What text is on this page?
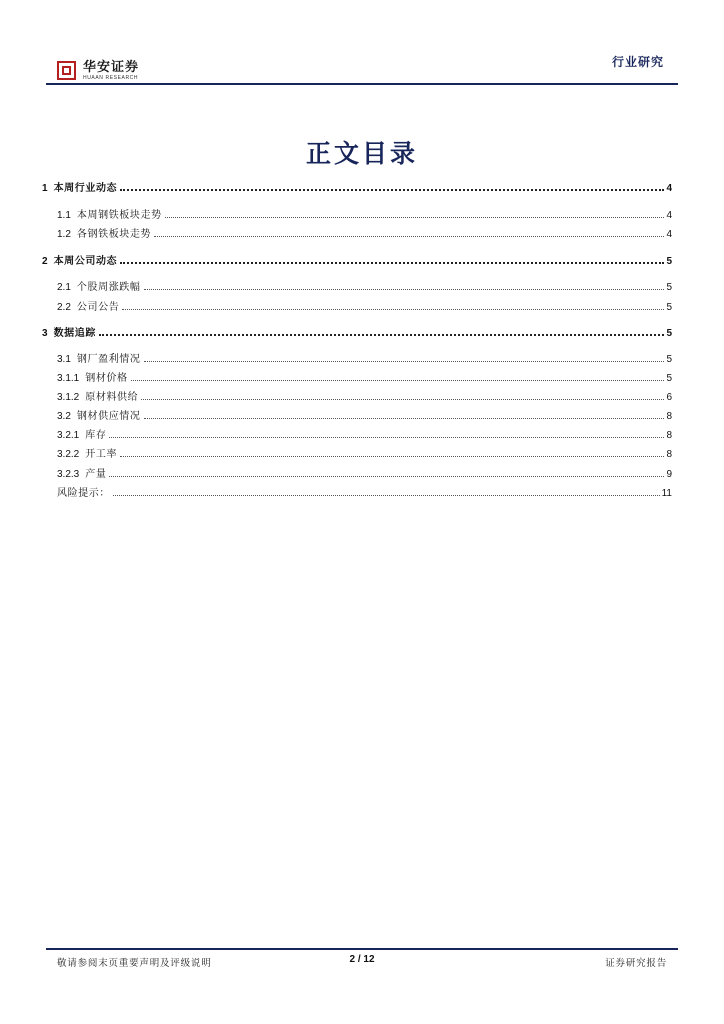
华安证券
HUAAN RESEARCH
行业研究
正文目录
1 本周行业动态	4
1.1 本周钢铁板块走势	4
1.2 各钢铁板块走势	4
2 本周公司动态	5
2.1 个股周涨跌幅	5
2.2 公司公告	5
3 数据追踪	5
3.1 钢厂盈利情况	5
3.1.1 钢材价格	5
3.1.2 原材料供给	6
3.2 钢材供应情况	8
3.2.1 库存	8
3.2.2 开工率	8
3.2.3 产量	9
风险提示：	11
敬请参阅末页重要声明及评级说明	2 / 12	证券研究报告
